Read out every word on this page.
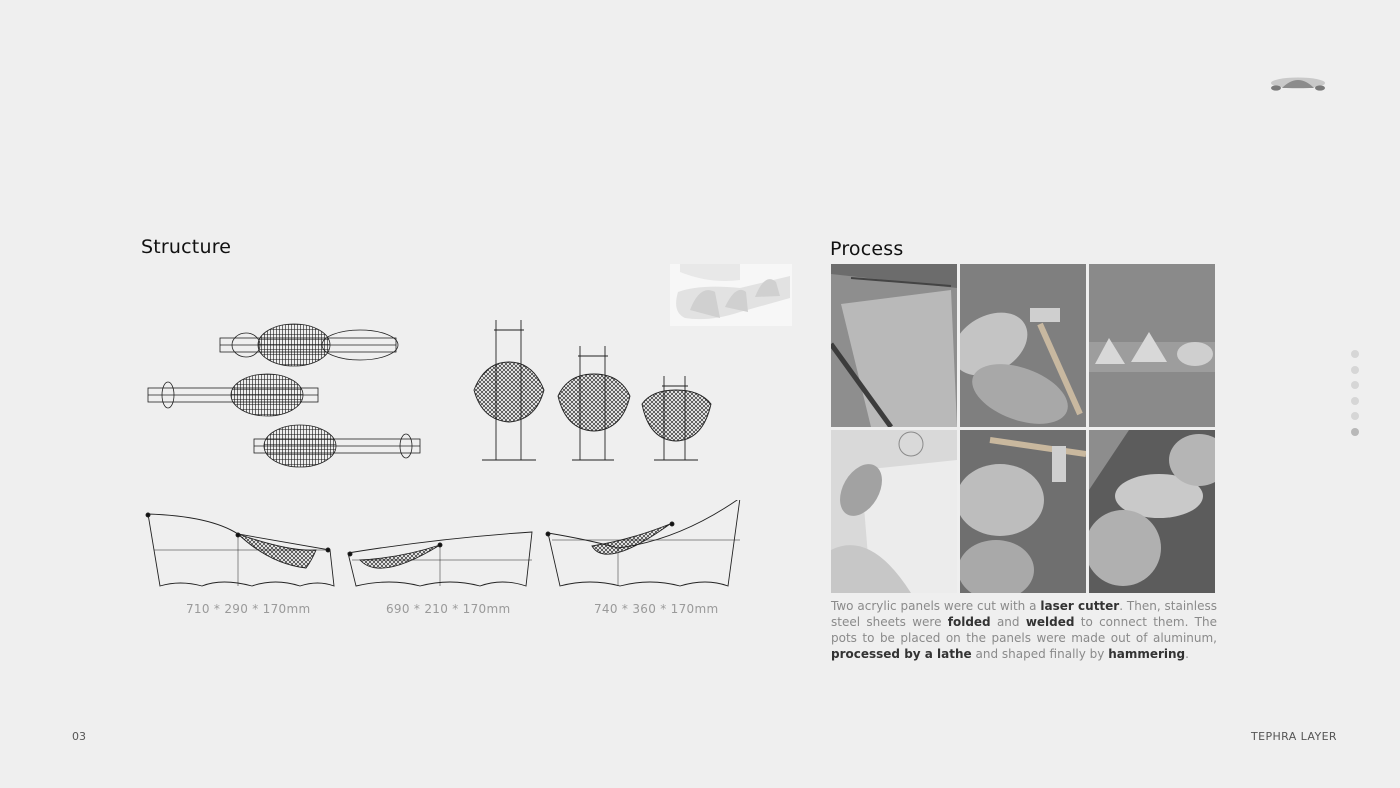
Structure	Process
710 * 290 * 170mm	690 * 210 * 170mm	740 * 360 * 170mm	Two acrylic panels were cut with a laser cutter. Then, stainless steel sheets were folded and welded to connect them. The pots to be placed on the panels were made out of aluminum, processed by a lathe and shaped finally by hammering.

03	TEPHRA LAYER
